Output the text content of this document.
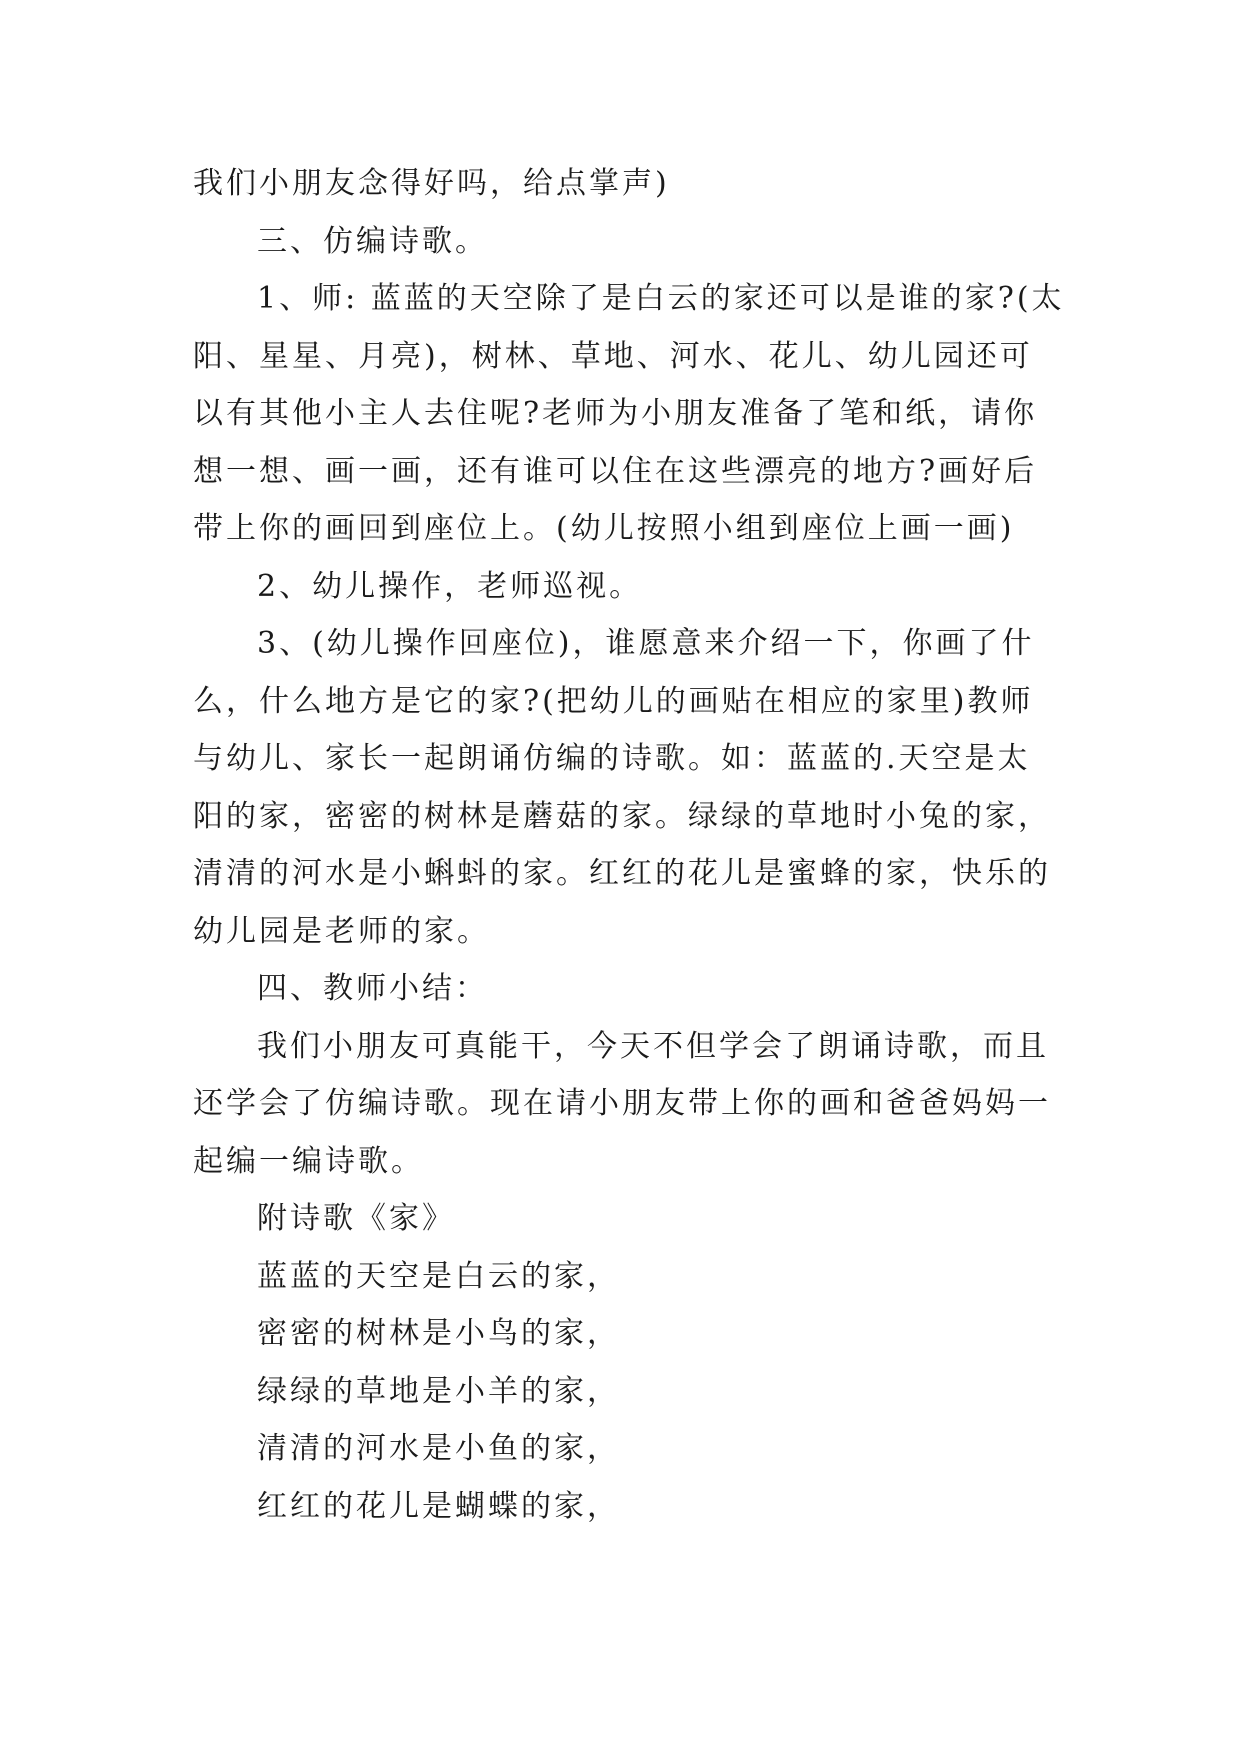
我们小朋友念得好吗，给点掌声)
三、仿编诗歌。
1、师: 蓝蓝的天空除了是白云的家还可以是谁的家?(太
阳、星星、月亮)，树林、草地、河水、花儿、幼儿园还可
以有其他小主人去住呢?老师为小朋友准备了笔和纸，请你
想一想、画一画，还有谁可以住在这些漂亮的地方?画好后
带上你的画回到座位上。(幼儿按照小组到座位上画一画)
2、幼儿操作，老师巡视。
3、(幼儿操作回座位)，谁愿意来介绍一下，你画了什
么，什么地方是它的家?(把幼儿的画贴在相应的家里)教师
与幼儿、家长一起朗诵仿编的诗歌。如：蓝蓝的.天空是太
阳的家，密密的树林是蘑菇的家。绿绿的草地时小兔的家，
清清的河水是小蝌蚪的家。红红的花儿是蜜蜂的家，快乐的
幼儿园是老师的家。
四、教师小结：
我们小朋友可真能干，今天不但学会了朗诵诗歌，而且
还学会了仿编诗歌。现在请小朋友带上你的画和爸爸妈妈一
起编一编诗歌。
附诗歌《家》
蓝蓝的天空是白云的家，
密密的树林是小鸟的家，
绿绿的草地是小羊的家，
清清的河水是小鱼的家，
红红的花儿是蝴蝶的家，
